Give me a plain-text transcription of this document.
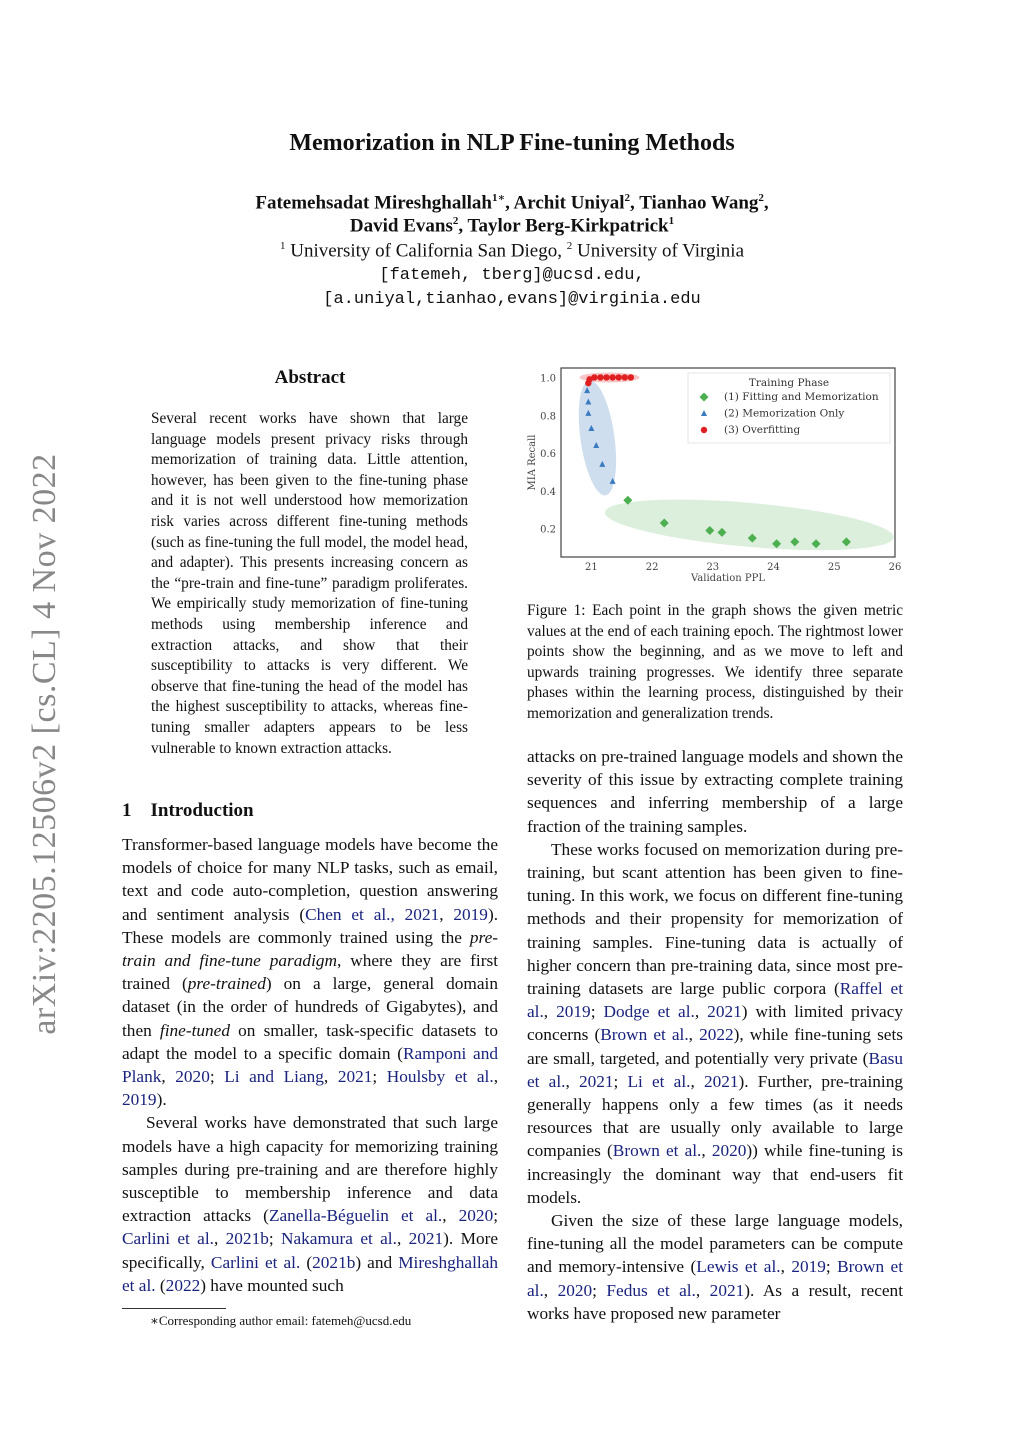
arXiv:2205.12506v2 [cs.CL] 4 Nov 2022
Memorization in NLP Fine-tuning Methods
Fatemehsadat Mireshghallah$^{1∗}$, Archit Uniyal$^2$, Tianhao Wang$^2$,
David Evans$^2$, Taylor Berg-Kirkpatrick$^1$
$^1$ University of California San Diego, $^2$ University of Virginia
[fatemeh, tberg]@ucsd.edu,
[a.uniyal,tianhao,evans]@virginia.edu
Abstract

Several recent works have shown that large language models present privacy risks through memorization of training data. Little attention, however, has been given to the fine-tuning phase and it is not well understood how memorization risk varies across different fine-tuning methods (such as fine-tuning the full model, the model head, and adapter). This presents increasing concern as the “pre-train and fine-tune” paradigm proliferates. We empirically study memorization of fine-tuning methods using membership inference and extraction attacks, and show that their susceptibility to attacks is very different. We observe that fine-tuning the head of the model has the highest susceptibility to attacks, whereas fine-tuning smaller adapters appears to be less vulnerable to known extraction attacks.

1 Introduction

Transformer-based language models have become the models of choice for many NLP tasks, such as email, text and code auto-completion, question answering and sentiment analysis (Chen et al., 2021, 2019). These models are commonly trained using the pre-train and fine-tune paradigm, where they are first trained (pre-trained) on a large, general domain dataset (in the order of hundreds of Gigabytes), and then fine-tuned on smaller, task-specific datasets to adapt the model to a specific domain (Ramponi and Plank, 2020; Li and Liang, 2021; Houlsby et al., 2019).

Several works have demonstrated that such large models have a high capacity for memorizing training samples during pre-training and are therefore highly susceptible to membership inference and data extraction attacks (Zanella-Béguelin et al., 2020; Carlini et al., 2021b; Nakamura et al., 2021). More specifically, Carlini et al. (2021b) and Mireshghallah et al. (2022) have mounted such

∗Corresponding author email: fatemeh@ucsd.edu
21	22	23	24	25	26
0.2
0.4
0.6
0.8
1.0
Validation PPL
MIA Recall
Training Phase
(1) Fitting and Memorization
(2) Memorization Only
(3) Overfitting
Figure 1: Each point in the graph shows the given metric values at the end of each training epoch. The rightmost lower points show the beginning, and as we move to left and upwards training progresses. We identify three separate phases within the learning process, distinguished by their memorization and generalization trends.

attacks on pre-trained language models and shown the severity of this issue by extracting complete training sequences and inferring membership of a large fraction of the training samples.

These works focused on memorization during pre-training, but scant attention has been given to fine-tuning. In this work, we focus on different fine-tuning methods and their propensity for memorization of training samples. Fine-tuning data is actually of higher concern than pre-training data, since most pre-training datasets are large public corpora (Raffel et al., 2019; Dodge et al., 2021) with limited privacy concerns (Brown et al., 2022), while fine-tuning sets are small, targeted, and potentially very private (Basu et al., 2021; Li et al., 2021). Further, pre-training generally happens only a few times (as it needs resources that are usually only available to large companies (Brown et al., 2020)) while fine-tuning is increasingly the dominant way that end-users fit models.

Given the size of these large language models, fine-tuning all the model parameters can be compute and memory-intensive (Lewis et al., 2019; Brown et al., 2020; Fedus et al., 2021). As a result, recent works have proposed new parameter
